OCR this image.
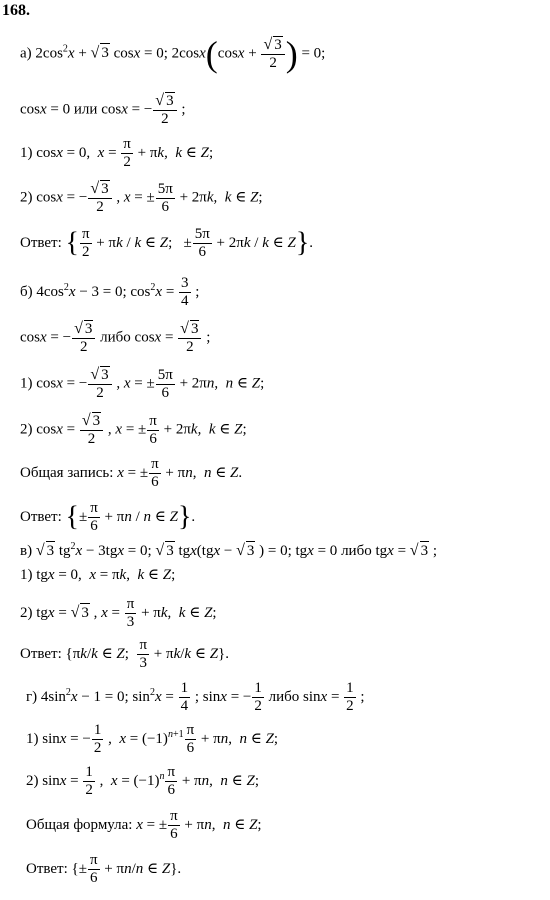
168.
а) $2\cos^2x$ + √ 3 cosx = 0; $2\cos x(\cos x + \frac{√ 3}{2}$ ) = 0;
cosx = 0 или cosx = − $\frac{√ 3}{2}$ ;
1) cosx = 0,  $x = \frac{\pi}{2} + \pi k$,  k ∈ Z;
2) cosx = − $\frac{√ 3}{2}$ , x = ± $\frac{5\pi}{6} + 2\pi k$,  k ∈ Z;
Ответ: { $\frac{\pi}{2} + \pi k / k$ ∈ Z;   ± $\frac{5\pi}{6} + 2\pi k / k$ ∈ Z}.
б) $4\cos^2x - 3 = 0$; $\cos^2x = \frac{3}{4}$ ;
cosx = − $\frac{√ 3}{2}$ либо $\cos x = \frac{√ 3}{2}$ ;
1) cosx = − $\frac{√ 3}{2}$ , x = ± $\frac{5\pi}{6} + 2\pi n$,  n ∈ Z;
2) $\cos x = \frac{√ 3}{2}$ , x = ± $\frac{\pi}{6} + 2\pi k$,  k ∈ Z;
Общая запись: x = ± $\frac{\pi}{6} + \pi n$,  n ∈ Z.
Ответ: {± $\frac{\pi}{6} + \pi n / n$ ∈ Z}.
в) √ 3 $tg^2x - 3tgx = 0$; √ 3 tgx(tgx − √ 3 ) = 0; tgx = 0 либо tgx = √ 3 ;
1) tgx = 0,  x = πk,  k ∈ Z;
2) tgx = √ 3 , $x = \frac{\pi}{3} + \pi k$,  k ∈ Z;
Ответ: {πk/k ∈ Z; $\frac{\pi}{3} + \pi k/k$ ∈ Z}.
г) $4\sin^2x - 1 = 0$; $\sin^2x = \frac{1}{4}$ ; sinx = − $\frac{1}{2}$ либо $\sin x = \frac{1}{2}$ ;
1) sinx = − $\frac{1}{2}$ ,  $x = (-1)^{n+1} \frac{\pi}{6} + \pi n$,  n ∈ Z;
2) $\sin x = \frac{1}{2}$ ,  $x = (-1)^n \frac{\pi}{6} + \pi n$,  n ∈ Z;
Общая формула: x = ± $\frac{\pi}{6} + \pi n$,  n ∈ Z;
Ответ: {± $\frac{\pi}{6} + \pi n/n$ ∈ Z}.
